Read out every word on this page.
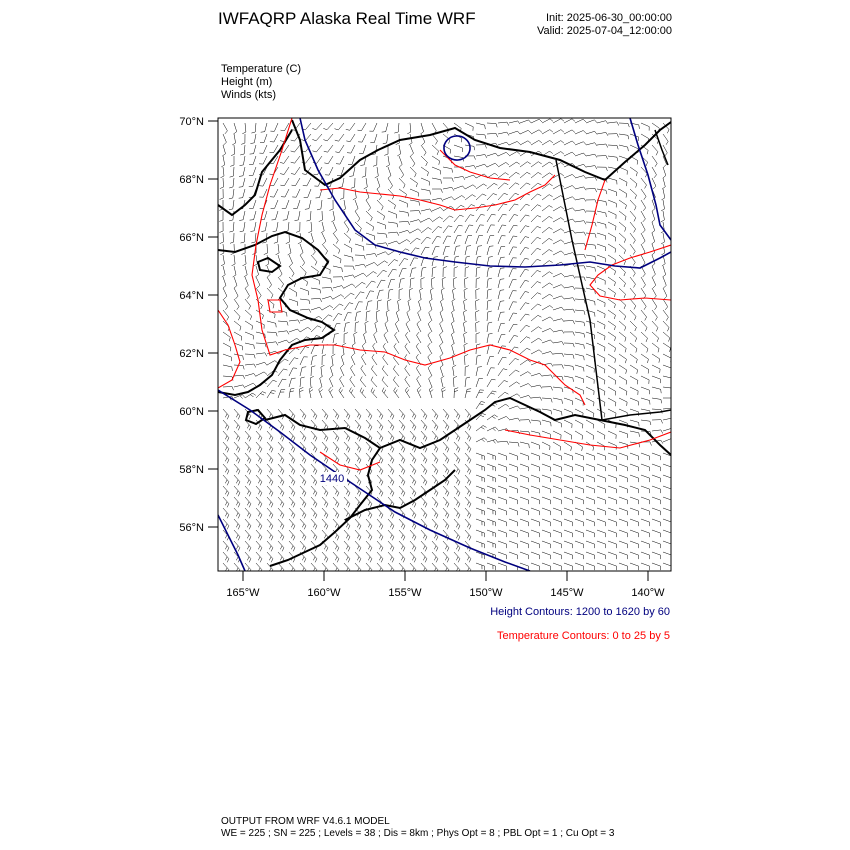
IWFAQRP Alaska Real Time WRF	Init: 2025-06-30_00:00:00
Valid: 2025-07-04_12:00:00
Temperature (C)
Height (m)
Winds (kts)
1440
70°N
68°N
66°N
64°N
62°N
60°N
58°N
56°N
165°W	160°W	155°W	150°W	145°W	140°W
Height Contours: 1200 to 1620 by 60
Temperature Contours: 0 to 25 by 5
OUTPUT FROM WRF V4.6.1 MODEL
WE = 225 ; SN = 225 ; Levels = 38 ; Dis = 8km ; Phys Opt = 8 ; PBL Opt = 1 ; Cu Opt = 3
